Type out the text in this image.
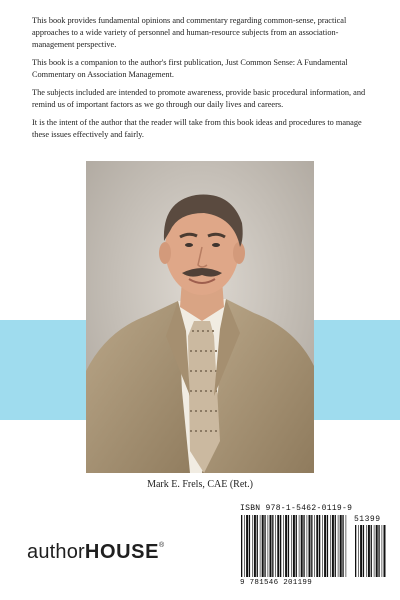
This book provides fundamental opinions and commentary regarding common-sense, practical approaches to a wide variety of personnel and human-resource subjects from an association-management perspective.

This book is a companion to the author's first publication, Just Common Sense: A Fundamental Commentary on Association Management.

The subjects included are intended to promote awareness, provide basic procedural information, and remind us of important factors as we go through our daily lives and careers.

It is the intent of the author that the reader will take from this book ideas and procedures to manage these issues effectively and fairly.

Mark E. Frels, CAE (Ret.)
authorHOUSE®
ISBN 978-1-5462-0119-9
51399
9 781546 201199
